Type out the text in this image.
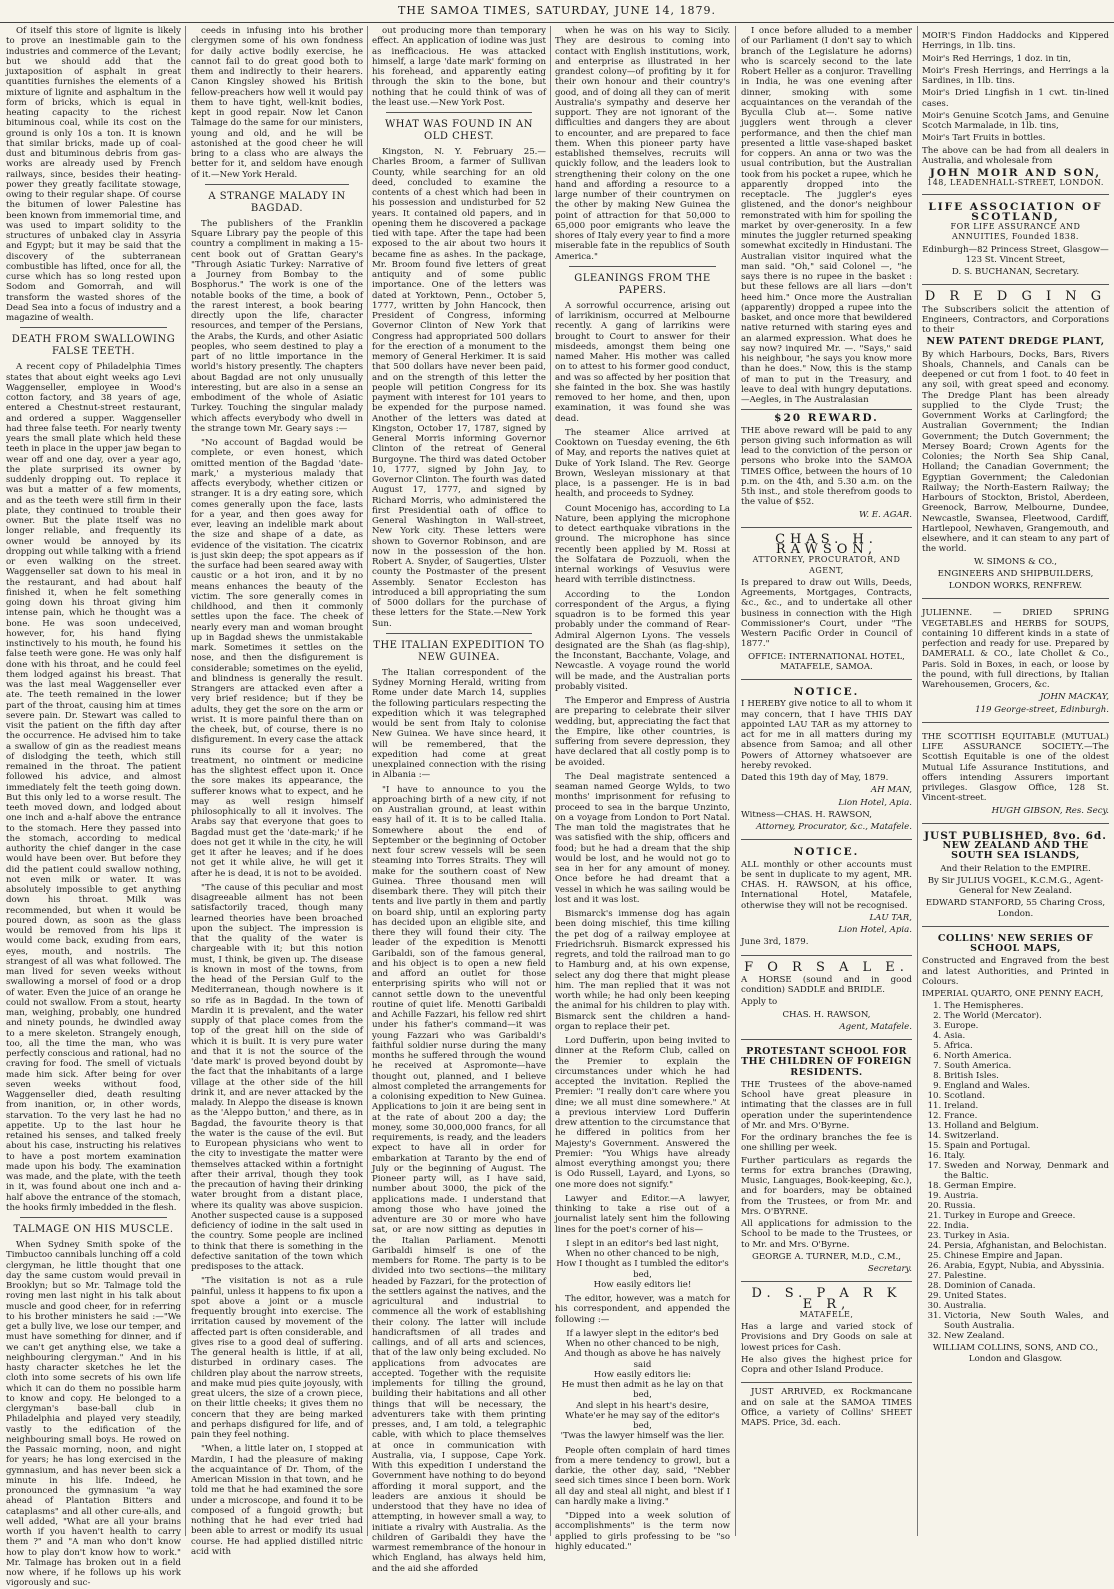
THE SAMOA TIMES, SATURDAY, JUNE 14, 1879.

Of itself this store of lignite is likely to prove an inestimable gain to the industries and commerce of the Levant; but we should add that the juxtaposition of asphalt in great quantities furnishes the elements of a mixture of lignite and asphaltum in the form of bricks, which is equal in heating capacity to the richest bituminous coal, while its cost on the ground is only 10s a ton. It is known that similar bricks, made up of coal-dust and bituminous debris from gas-works are already used by French railways, since, besides their heating-power they greatly facilitate stowage, owing to their regular shape. Of course the bitumen of lower Palestine has been known from immemorial time, and was used to impart solidity to the structures of unbaked clay in Assyria and Egypt; but it may be said that the discovery of the subterranean combustible has lifted, once for all, the curse which has so long rested upon Sodom and Gomorrah, and will transform the wasted shores of the Dead Sea into a focus of industry and a magazine of wealth.

DEATH FROM SWALLOWING FALSE TEETH.

A recent copy of Philadelphia Times states that about eight weeks ago Levi Waggenseller, employee in Wood's cotton factory, and 38 years of age, entered a Chestnut-street restaurant, and ordered a supper. Waggenseller had three false teeth. For nearly twenty years the small plate which held these teeth in place in the upper jaw began to wear off and one day, over a year ago, the plate surprised its owner by suddenly dropping out. To replace it was but a matter of a few moments, and as the teeth were still firm in their plate, they continued to trouble their owner. But the plate itself was no longer reliable, and frequently its owner would be annoyed by its dropping out while talking with a friend or even walking on the street. Waggenseller sat down to his meal in the restaurant, and had about half finished it, when he felt something going down his throat giving him intense pain, which he thought was a bone. He was soon undeceived, however, for, his hand flying instinctively to his mouth, he found his false teeth were gone. He was only half done with his throat, and he could feel them lodged against his breast. That was the last meal Waggenseller ever ate. The teeth remained in the lower part of the throat, causing him at times severe pain. Dr. Stewart was called to visit the patient on the fifth day after the occurrence. He advised him to take a swallow of gin as the readiest means of dislodging the teeth, which still remained in the throat. The patient followed his advice, and almost immediately felt the teeth going down. But this only led to a worse result. The teeth moved down, and lodged about one inch and a-half above the entrance to the stomach. Here they passed into the stomach, according to medical authority the chief danger in the case would have been over. But before they did the patient could swallow nothing, not even milk or water. It was absolutely impossible to get anything down his throat. Milk was recommended, but when it would be poured down, as soon as the glass would be removed from his lips it would come back, exuding from ears, eyes, mouth, and nostrils. The strangest of all was what followed. The man lived for seven weeks without swallowing a morsel of food or a drop of water. Even the juice of an orange he could not swallow. From a stout, hearty man, weighing, probably, one hundred and ninety pounds, he dwindled away to a mere skeleton. Strangely enough, too, all the time the man, who was perfectly conscious and rational, had no craving for food. The smell of victuals made him sick. After being for over seven weeks without food, Waggenseller died, death resulting from inanition, or, in other words, starvation. To the very last he had no appetite. Up to the last hour he retained his senses, and talked freely about his case, instructing his relatives to have a post mortem examination made upon his body. The examination was made, and the plate, with the teeth in it, was found about one inch and a-half above the entrance of the stomach, the hooks firmly imbedded in the flesh.

TALMAGE ON HIS MUSCLE.

When Sydney Smith spoke of the Timbuctoo cannibals lunching off a cold clergyman, he little thought that one day the same custom would prevail in Brooklyn; but so Mr. Talmage told the roving men last night in his talk about muscle and good cheer, for in referring to his brother ministers he said :—"We get a bully live, we lose our temper, and must have something for dinner, and if we can't get anything else, we take a neighbouring clergyman." And in his hasty character sketches he let the cloth into some secrets of his own life which it can do them no possible harm to know and copy. He belonged to a clergyman's base-ball club in Philadelphia and played very steadily, vastly to the edification of the neighbouring small boys. He rowed on the Passaic morning, noon, and night for years; he has long exercised in the gymnasium, and has never been sick a minute in his life. Indeed, he pronounced the gymnasium "a way ahead of Plantation Bitters and cataplasms" and all other cure-alls, and well added, "What are all your brains worth if you haven't health to carry them ?" and "A man who don't know how to play don't know how to work." Mr. Talmage has broken out in a field now where, if he follows up his work vigorously and suc-

ceeds in infusing into his brother clergymen some of his own fondness for daily active bodily exercise, he cannot fail to do great good both to them and indirectly to their hearers. Canon Kingsley showed his British fellow-preachers how well it would pay them to have tight, well-knit bodies, kept in good repair. Now let Canon Talmage do the same for our ministers, young and old, and he will be astonished at the good cheer he will bring to a class who are always the better for it, and seldom have enough of it.—New York Herald.

A STRANGE MALADY IN BAGDAD.

The publishers of the Franklin Square Library pay the people of this country a compliment in making a 15-cent book out of Grattan Geary's "Through Asiatic Turkey: Narrative of a Journey from Bombay to the Bosphorus." The work is one of the notable books of the time, a book of the rarest interest, a book bearing directly upon the life, character resources, and temper of the Persians, the Arabs, the Kurds, and other Asiatic peoples, who seem destined to play a part of no little importance in the world's history presently. The chapters about Bagdad are not only unusually interesting, but are also in a sense an embodiment of the whole of Asiatic Turkey. Touching the singular malady which affects everybody who dwell in the strange town Mr. Geary says :—

"No account of Bagdad would be complete, or even honest, which omitted mention of the Bagdad 'date-mark,' a mysterious malady that affects everybody, whether citizen or stranger. It is a dry eating sore, which comes generally upon the face, lasts for a year, and then goes away for ever, leaving an indelible mark about the size and shape of a date, as evidence of the visitation. The cicatrix is just skin deep; the spot appears as if the surface had been seared away with caustic or a hot iron, and it by no means enhances the beauty of the victim. The sore generally comes in childhood, and then it commonly settles upon the face. The cheek of nearly every man and woman brought up in Bagdad shews the unmistakable mark. Sometimes it settles on the nose, and then the disfigurement is considerable; sometimes on the eyelid, and blindness is generally the result. Strangers are attacked even after a very brief residence; but if they be adults, they get the sore on the arm or wrist. It is more painful there than on the cheek, but, of course, there is no disfigurement. In every case the attack runs its course for a year; no treatment, no ointment or medicine has the slightest effect upon it. Once the sore makes its appearance, the sufferer knows what to expect, and he may as well resign himself philosophically to all it involves. The Arabs say that everyone that goes to Bagdad must get the 'date-mark;' if he does not get it while in the city, he will get it after he leaves; and if he does not get it while alive, he will get it after he is dead, it is not to be avoided.

"The cause of this peculiar and most disagreeable ailment has not been satisfactorily traced, though many learned theories have been broached upon the subject. The impression is that the quality of the water is chargeable with it; but this notion must, I think, be given up. The disease is known in most of the towns, from the head of the Persian Gulf to the Mediterranean, though nowhere is it so rife as in Bagdad. In the town of Mardin it is prevalent, and the water supply of that place comes from the top of the great hill on the side of which it is built. It is very pure water and that it is not the source of the 'date mark' is proved beyond doubt by the fact that the inhabitants of a large village at the other side of the hill drink it, and are never attacked by the malady. In Aleppo the disease is known as the 'Aleppo button,' and there, as in Bagdad, the favourite theory is that the water is the cause of the evil. But to European physicians who went to the city to investigate the matter were themselves attacked within a fortnight after their arrival, though they took the precaution of having their drinking water brought from a distant place, where its quality was above suspicion. Another suspected cause is a supposed deficiency of iodine in the salt used in the country. Some people are inclined to think that there is something in the defective sanitation of the town which predisposes to the attack.

"The visitation is not as a rule painful, unless it happens to fix upon a spot above a joint or a muscle frequently brought into exercise. The irritation caused by movement of the affected part is often considerable, and gives rise to a good deal of suffering. The general health is little, if at all, disturbed in ordinary cases. The children play about the narrow streets, and make mud pies quite joyously, with great ulcers, the size of a crown piece, on their little cheeks; it gives them no concern that they are being marked and perhaps disfigured for life, and of pain they feel nothing.

"When, a little later on, I stopped at Mardin, I had the pleasure of making the acquaintance of Dr. Thom, of the American Mission in that town, and he told me that he had examined the sore under a microscope, and found it to be composed of a fungoid growth; but nothing that he had ever tried had been able to arrest or modify its usual course. He had applied distilled nitric acid with

out producing more than temporary effect. An application of iodine was just as inefficacious. He was attacked himself, a large 'date mark' forming on his forehead, and apparently eating through the skin to the bone, but nothing that he could think of was of the least use.—New York Post.

WHAT WAS FOUND IN AN OLD CHEST.

Kingston, N. Y. February 25.—Charles Broom, a farmer of Sullivan County, while searching for an old deed, concluded to examine the contents of a chest which had been in his possession and undisturbed for 52 years. It contained old papers, and in opening them he discovered a package tied with tape. After the tape had been exposed to the air about two hours it became fine as ashes. In the package, Mr. Broom found five letters of great antiquity and of some public importance. One of the letters was dated at Yorktown, Penn., October 5, 1777, written by John Hancock, then President of Congress, informing Governor Clinton of New York that Congress had appropriated 500 dollars for the erection of a monument to the memory of General Herkimer. It is said that 500 dollars have never been paid, and on the strength of this letter the people will petition Congress for its payment with interest for 101 years to be expended for the purpose named. Another of the letters was dated at Kingston, October 17, 1787, signed by General Morris informing Governor Clinton of the retreat of General Burgoyne. The third was dated October 10, 1777, signed by John Jay, to Governor Clinton. The fourth was dated August 17, 1777, and signed by Richard Morris, who administered the first Presidential oath of office to General Washington in Wall-street, New York city. These letters were shown to Governor Robinson, and are now in the possession of the hon. Robert A. Snyder, of Saugerties, Ulster county the Postmaster of the present Assembly. Senator Eccleston has introduced a bill appropriating the sum of 5000 dollars for the purchase of these letters for the State.—New York Sun.

THE ITALIAN EXPEDITION TO NEW GUINEA.

The Italian correspondent of the Sydney Morning Herald, writing from Rome under date March 14, supplies the following particulars respecting the expedition which it was telegraphed would be sent from Italy to colonise New Guinea. We have since heard, it will be remembered, that the expedition had come at great unexplained connection with the rising in Albania :—

"I have to announce to you the approaching birth of a new city, if not on Australian ground, at least within easy hail of it. It is to be called Italia. Somewhere about the end of September or the beginning of October next four screw vessels will be seen steaming into Torres Straits. They will make for the southern coast of New Guinea. Three thousand men will disembark there. They will pitch their tents and live partly in them and partly on board ship, until an exploring party has decided upon an eligible site, and there they will found their city. The leader of the expedition is Menotti Garibaldi, son of the famous general, and his object is to open a new field and afford an outlet for those enterprising spirits who will not or cannot settle down to the uneventful routine of quiet life. Menotti Garibaldi and Achille Fazzari, his fellow red shirt under his father's command—it was young Fazzari who was Garibaldi's faithful soldier nurse during the many months he suffered through the wound he received at Aspromonte—have thought out, planned, and I believe almost completed the arrangements for a colonising expedition to New Guinea. Applications to join it are being sent in at the rate of about 200 a day; the money, some 30,000,000 francs, for all requirements, is ready, and the leaders expect to have all in order for embarkation at Taranto by the end of July or the beginning of August. The Pioneer party will, as I have said, number about 3000, the pick of the applications made. I understand that among those who have joined the adventure are 30 or more who have sat, or are now sitting as deputies in the Italian Parliament. Menotti Garibaldi himself is one of the members for Rome. The party is to be divided into two sections—the military headed by Fazzari, for the protection of the settlers against the natives, and the agricultural and industrial to commence all the work of establishing their colony. The latter will include handicraftsmen of all trades and callings, and of all arts and sciences, that of the law only being excluded. No applications from advocates are accepted. Together with the requisite implements for tilling the ground, building their habitations and all other things that will be necessary, the adventurers take with them printing presses, and, I am told, a telegraphic cable, with which to place themselves at once in communication with Australia, via, I suppose, Cape York. With this expedition I understand the Government have nothing to do beyond affording it moral support, and the leaders are anxious it should be understood that they have no idea of attempting, in however small a way, to initiate a rivalry with Australia. As the children of Garibaldi they have the warmest remembrance of the honour in which England, has always held him, and the aid she afforded

when he was on his way to Sicily. They are desirous to coming into contact with English institutions, work, and enterprise as illustrated in her grandest colony—of profiting by it for their own honour and their country's good, and of doing all they can of merit Australia's sympathy and deserve her support. They are not ignorant of the difficulties and dangers they are about to encounter, and are prepared to face them. When this pioneer party have established themselves, recruits will quickly follow, and the leaders look to strengthening their colony on the one hand and affording a resource to a large number of their countrymen on the other by making New Guinea the point of attraction for that 50,000 to 65,000 poor emigrants who leave the shores of Italy every year to find a more miserable fate in the republics of South America."

GLEANINGS FROM THE PAPERS.

A sorrowful occurrence, arising out of larrikinism, occurred at Melbourne recently. A gang of larrikins were brought to Court to answer for their misdeeds, amongst them being one named Maher. His mother was called on to attest to his former good conduct, and was so affected by her position that she fainted in the box. She was hastily removed to her home, and then, upon examination, it was found she was dead.

The steamer Alice arrived at Cooktown on Tuesday evening, the 6th of May, and reports the natives quiet at Duke of York Island. The Rev. George Brown, Wesleyan missionary at that place, is a passenger. He is in bad health, and proceeds to Sydney.

Count Mocenigo has, according to La Nature, been applying the microphone to detect earthquake vibrations in the ground. The microphone has since recently been applied by M. Rossi at the Solfatara de Pozzuoli, when the internal workings of Vesuvius were heard with terrible distinctness.

According to the London correspondent of the Argus, a flying squadron is to be formed this year probably under the command of Rear-Admiral Algernon Lyons. The vessels designated are the Shah (as flag-ship), the Inconstant, Bacchante, Volage, and Newcastle. A voyage round the world will be made, and the Australian ports probably visited.

The Emperor and Empress of Austria are preparing to celebrate their silver wedding, but, appreciating the fact that the Empire, like other countries, is suffering from severe depression, they have declared that all costly pomp is to be avoided.

The Deal magistrate sentenced a seaman named George Wylds, to two months' imprisonment for refusing to proceed to sea in the barque Unzinto, on a voyage from London to Port Natal. The man told the magistrates that he was satisfied with the ship, officers and food; but he had a dream that the ship would be lost, and he would not go to sea in her for any amount of money. Once before he had dreamt that a vessel in which he was sailing would be lost and it was lost.

Bismarck's immense dog has again been doing mischief, this time killing the pet dog of a railway employee at Friedrichsruh. Bismarck expressed his regrets, and told the railroad man to go to Hamburg and, at his own expense, select any dog there that might please him. The man replied that it was not worth while; he had only been keeping the animal for his children to play with. Bismarck sent the children a hand-organ to replace their pet.

Lord Dufferin, upon being invited to dinner at the Reform Club, called on the Premier to explain the circumstances under which he had accepted the invitation. Replied the Premier: "I really don't care where you dine; we all must dine somewhere." At a previous interview Lord Dufferin drew attention to the circumstance that he differed in politics from her Majesty's Government. Answered the Premier: "You Whigs have already almost everything amongst you; there is Odo Russell, Layard, and Lyons, so one more does not signify."

Lawyer and Editor.—A lawyer, thinking to take a rise out of a journalist lately sent him the following lines for the poet's corner of his—

I slept in an editor's bed last night,
When no other chanced to be nigh,
How I thought as I tumbled the editor's bed,
How easily editors lie!

The editor, however, was a match for his correspondent, and appended the following :—

If a lawyer slept in the editor's bed
When no other chanced to be nigh,
And though as above he has naively said
How easily editors lie:
He must then admit as he lay on that bed,
And slept in his heart's desire,
Whate'er he may say of the editor's bed,
'Twas the lawyer himself was the lier.

People often complain of hard times from a mere tendency to growl, but a darkie, the other day, said, "Nebber seed sich times since I been born. Work all day and steal all night, and blest if I can hardly make a living."

"Dipped into a week solution of accomplishments" is the term now applied to girls professing to be "so highly educated."

I once before alluded to a member of our Parliament (I don't say to which branch of the Legislature he adorns) who is scarcely second to the late Robert Heller as a conjuror. Travelling in India, he was one evening after dinner, smoking with some acquaintances on the verandah of the Byculla Club at—. Some native jugglers went through a clever performance, and then the chief man presented a little vase-shaped basket for coppers. An anna or two was the usual contribution, but the Australian took from his pocket a rupee, which he apparently dropped into the receptacle. The juggler's eyes glistened, and the donor's neighbour remonstrated with him for spoiling the market by over-generosity. In a few minutes the juggler returned speaking somewhat excitedly in Hindustani. The Australian visitor inquired what the man said. "Oh," said Colonel —, "he says there is no rupee in the basket : but these fellows are all liars —don't heed him." Once more the Australian (apparently) dropped a rupee into the basket, and once more that bewildered native returned with staring eyes and an alarmed expression. What does he say now? inquired Mr. —. "Says," said his neighbour, "he says you know more than he does." Now, this is the stamp of man to put in the Treasury, and leave to deal with hungry deputations.—Aegles, in The Australasian

$20 REWARD.

THE above reward will be paid to any person giving such information as will lead to the conviction of the person or persons who broke into the SAMOA TIMES Office, between the hours of 10 p.m. on the 4th, and 5.30 a.m. on the 5th inst., and stole therefrom goods to the value of $52.

W. E. AGAR.

CHAS. H. RAWSON,
ATTORNEY, PROCURATOR, AND AGENT,

Is prepared to draw out Wills, Deeds, Agreements, Mortgages, Contracts, &c., &c., and to undertake all other business in connection with the High Commissioner's Court, under "The Western Pacific Order in Council of 1877."

OFFICE: INTERNATIONAL HOTEL, MATAFELE, SAMOA.

NOTICE.

I HEREBY give notice to all to whom it may concern, that I have THIS DAY appointed LAU TAR as my attorney to act for me in all matters during my absence from Samoa; and all other Powers of Attorney whatsoever are hereby revoked.

Dated this 19th day of May, 1879.

AH MAN,

Lion Hotel, Apia.

Witness—CHAS. H. RAWSON,

Attorney, Procurator, &c., Matafele.

NOTICE.

ALL monthly or other accounts must be sent in duplicate to my agent, MR. CHAS. H. RAWSON, at his office, International Hotel, Matafele, otherwise they will not be recognised.

LAU TAR,

Lion Hotel, Apia.

June 3rd, 1879.

F O R S A L E.

A HORSE (sound and in good condition) SADDLE and BRIDLE.

Apply to

CHAS. H. RAWSON,

Agent, Matafele.

PROTESTANT SCHOOL FOR THE CHILDREN OF FOREIGN RESIDENTS.

THE Trustees of the above-named School have great pleasure in intimating that the classes are in full operation under the superintendence of Mr. and Mrs. O'Byrne.

For the ordinary branches the fee is one shilling per week.

Further particulars as regards the terms for extra branches (Drawing, Music, Languages, Book-keeping, &c.), and for boarders, may be obtained from the Trustees, or from Mr. and Mrs. O'BYRNE.

All applications for admission to the School to be made to the Trustees, or to Mr. and Mrs. O'Byrne.

GEORGE A. TURNER, M.D., C.M.,

Secretary.

D. S. P A R K E R,
MATAFELE,

Has a large and varied stock of Provisions and Dry Goods on sale at lowest prices for Cash.

He also gives the highest price for Copra and other Island Produce.

JUST ARRIVED, ex Rockmancane and on sale at the SAMOA TIMES Office, a variety of Collins' SHEET MAPS. Price, 3d. each.

MOIR'S Findon Haddocks and Kippered Herrings, in 1lb. tins.

Moir's Red Herrings, 1 doz. in tin,

Moir's Fresh Herrings, and Herrings a la Sardines, in 1lb. tins.

Moir's Dried Lingfish in 1 cwt. tin-lined cases.

Moir's Genuine Scotch Jams, and Genuine Scotch Marmalade, in 1lb. tins,

Moir's Tart Fruits in bottles.

The above can be had from all dealers in Australia, and wholesale from

JOHN MOIR AND SON,
148, LEADENHALL-STREET, LONDON.
LIFE ASSOCIATION OF SCOTLAND,
FOR LIFE ASSURANCE AND ANNUITIES, Founded 1838.

Edinburgh—82 Princess Street, Glasgow—123 St. Vincent Street,

D. S. BUCHANAN, Secretary.

D R E D G I N G

The Subscribers solicit the attention of Engineers, Contractors, and Corporations to their

NEW PATENT DREDGE PLANT,

By which Harbours, Docks, Bars, Rivers Shoals, Channels, and Canals can be deepened or cut from 1 foot. to 40 feet in any soil, with great speed and economy. The Dredge Plant has been already supplied to the Clyde Trust; the Government Works at Carlingford; the Australian Government; the Indian Government; the Dutch Government; the Mersey Board; Crown Agents for the Colonies; the North Sea Ship Canal, Holland; the Canadian Government; the Egyptian Government; the Caledonian Railway; the North-Eastern Railway; the Harbours of Stockton, Bristol, Aberdeen, Greenock, Barrow, Melbourne, Dundee, Newcastle, Swansea, Fleetwood, Cardiff, Hartlepool, Newhaven, Grangemouth, and elsewhere, and it can steam to any part of the world.

W. SIMONS & CO.,

ENGINEERS AND SHIPBUILDERS,

LONDON WORKS, RENFREW.

JULIENNE. — DRIED SPRING VEGETABLES and HERBS for SOUPS, containing 10 different kinds in a state of perfection and ready for use. Prepared by DAMERALL & CO., late Chollet & Co., Paris. Sold in Boxes, in each, or loose by the pound, with full directions, by Italian Warehousemen, Grocers, &c.

JOHN MACKAY,

119 George-street, Edinburgh.

THE SCOTTISH EQUITABLE (MUTUAL) LIFE ASSURANCE SOCIETY.—The Scottish Equitable is one of the oldest Mutual Life Assurance Institutions, and offers intending Assurers important privileges. Glasgow Office, 128 St. Vincent-street.

HUGH GIBSON, Res. Secy.

JUST PUBLISHED, 8vo. 6d.
NEW ZEALAND AND THE SOUTH SEA ISLANDS,

And their Relation to the EMPIRE.

By Sir JULIUS VOGEL, K.C.M.G., Agent-General for New Zealand.

EDWARD STANFORD, 55 Charing Cross, London.

COLLINS' NEW SERIES OF SCHOOL MAPS,

Constructed and Engraved from the best and latest Authorities, and Printed in Colours.

IMPERIAL QUARTO, ONE PENNY EACH,

1. The Hemispheres.
2. The World (Mercator).
3. Europe.
4. Asia.
5. Africa.
6. North America.
7. South America.
8. British Isles.
9. England and Wales.
10. Scotland.
11. Ireland.
12. France.
13. Holland and Belgium.
14. Switzerland.
15. Spain and Portugal.
16. Italy.
17. Sweden and Norway, Denmark and the Baltic.
18. German Empire.
19. Austria.
20. Russia.
21. Turkey in Europe and Greece.
22. India.
23. Turkey in Asia.
24. Persia, Afghanistan, and Belochistan.
25. Chinese Empire and Japan.
26. Arabia, Egypt, Nubia, and Abyssinia.
27. Palestine.
28. Dominion of Canada.
29. United States.
30. Australia.
31. Victoria, New South Wales, and South Australia.
32. New Zealand.

WILLIAM COLLINS, SONS, AND CO., London and Glasgow.
